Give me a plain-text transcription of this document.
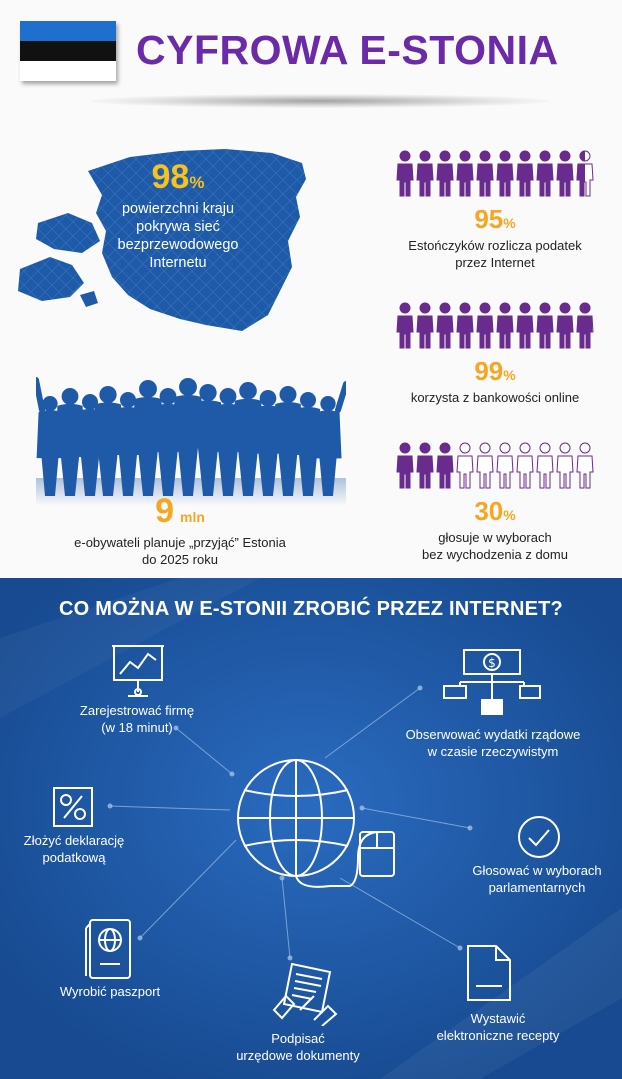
CYFROWA E-STONIA
98%
powierzchni kraju
pokrywa sieć
bezprzewodowego
Internetu
9 mln
e-obywateli planuje „przyjąć” Estonia
do 2025 roku
95%
Estończyków rozlicza podatek
przez Internet
99%
korzysta z bankowości online
30%
głosuje w wyborach
bez wychodzenia z domu
CO MOŻNA W E-STONII ZROBIĆ PRZEZ INTERNET?
Zarejestrować firmę
(w 18 minut)
$
Obserwować wydatki rządowe
w czasie rzeczywistym
Złożyć deklarację
podatkową
Głosować w wyborach
parlamentarnych
Wyrobić paszport
Podpisać
urzędowe dokumenty
Wystawić
elektroniczne recepty
